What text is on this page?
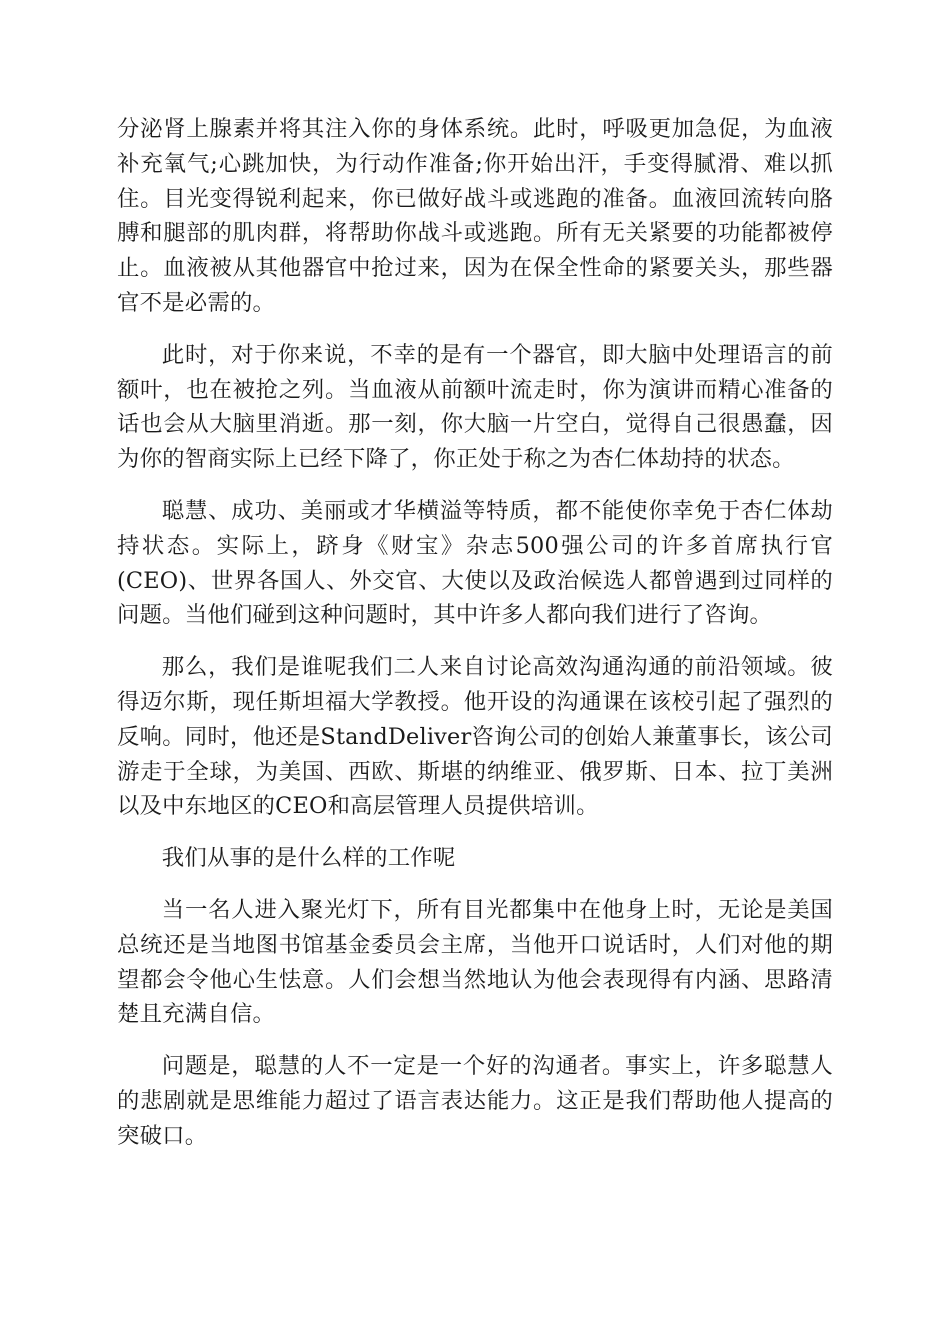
分泌肾上腺素并将其注入你的身体系统。此时，呼吸更加急促，为血液补充氧气;心跳加快，为行动作准备;你开始出汗，手变得腻滑、难以抓住。目光变得锐利起来，你已做好战斗或逃跑的准备。血液回流转向胳膊和腿部的肌肉群，将帮助你战斗或逃跑。所有无关紧要的功能都被停止。血液被从其他器官中抢过来，因为在保全性命的紧要关头，那些器官不是必需的。

此时，对于你来说，不幸的是有一个器官，即大脑中处理语言的前额叶，也在被抢之列。当血液从前额叶流走时，你为演讲而精心准备的话也会从大脑里消逝。那一刻，你大脑一片空白，觉得自己很愚蠢，因为你的智商实际上已经下降了，你正处于称之为杏仁体劫持的状态。

聪慧、成功、美丽或才华横溢等特质，都不能使你幸免于杏仁体劫持状态。实际上，跻身《财宝》杂志500强公司的许多首席执行官(CEO)、世界各国人、外交官、大使以及政治候选人都曾遇到过同样的问题。当他们碰到这种问题时，其中许多人都向我们进行了咨询。

那么，我们是谁呢我们二人来自讨论高效沟通沟通的前沿领域。彼得迈尔斯，现任斯坦福大学教授。他开设的沟通课在该校引起了强烈的反响。同时，他还是StandDeliver咨询公司的创始人兼董事长，该公司游走于全球，为美国、西欧、斯堪的纳维亚、俄罗斯、日本、拉丁美洲以及中东地区的CEO和高层管理人员提供培训。

我们从事的是什么样的工作呢

当一名人进入聚光灯下，所有目光都集中在他身上时，无论是美国总统还是当地图书馆基金委员会主席，当他开口说话时，人们对他的期望都会令他心生怯意。人们会想当然地认为他会表现得有内涵、思路清楚且充满自信。

问题是，聪慧的人不一定是一个好的沟通者。事实上，许多聪慧人的悲剧就是思维能力超过了语言表达能力。这正是我们帮助他人提高的突破口。
